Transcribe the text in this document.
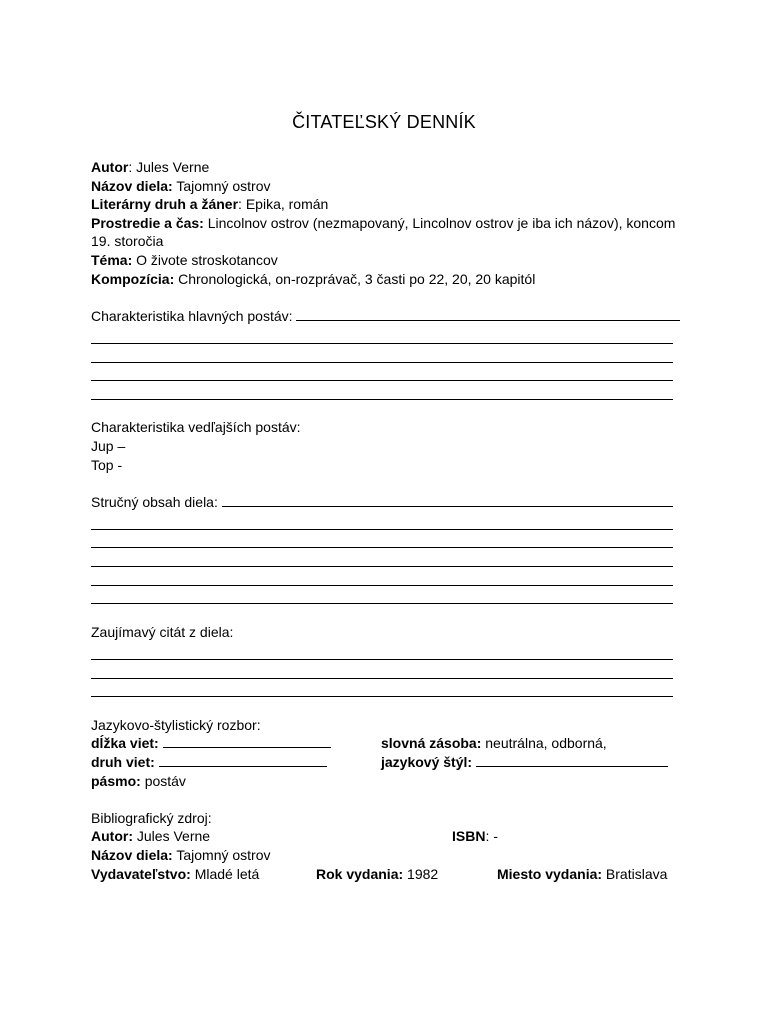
ČITATEĽSKÝ DENNÍK
Autor: Jules Verne
Názov diela: Tajomný ostrov
Literárny druh a žáner: Epika, román
Prostredie a čas: Lincolnov ostrov (nezmapovaný, Lincolnov ostrov je iba ich názov), koncom
19. storočia
Téma: O živote stroskotancov
Kompozícia: Chronologická, on-rozprávač, 3 časti po 22, 20, 20 kapitól
Charakteristika hlavných postáv:
Charakteristika vedľajších postáv:
Jup –
Top -
Stručný obsah diela:
Zaujímavý citát z diela:
Jazykovo-štylistický rozbor:
dĺžka viet:	slovná zásoba: neutrálna, odborná,
druh viet:	jazykový štýl:
pásmo: postáv
Bibliografický zdroj:
Autor: Jules Verne	ISBN: -
Názov diela: Tajomný ostrov
Vydavateľstvo: Mladé letá	Rok vydania: 1982	Miesto vydania: Bratislava
